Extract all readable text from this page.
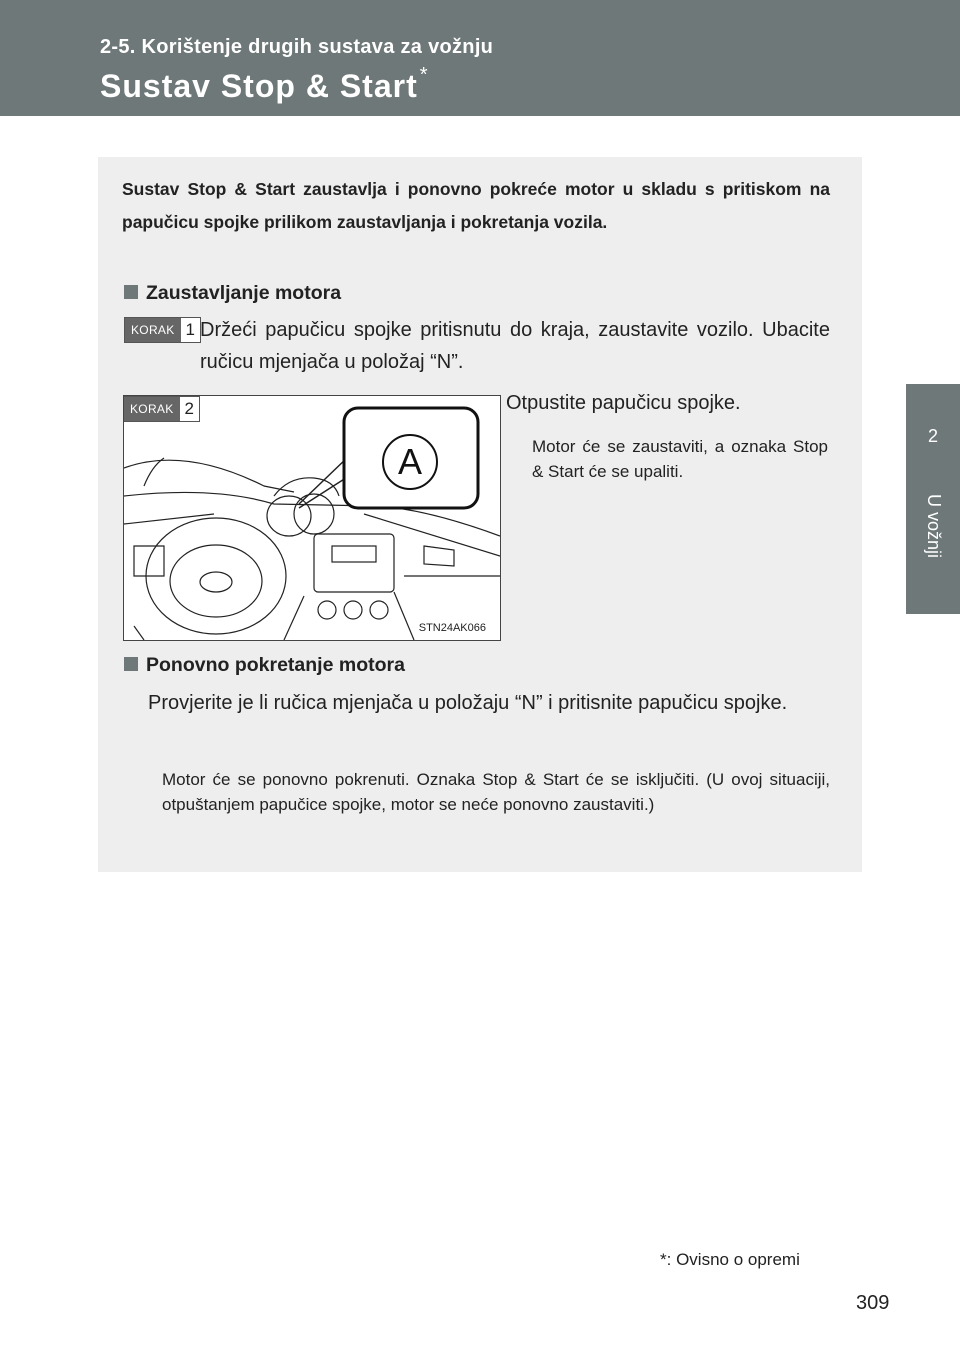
2-5. Korištenje drugih sustava za vožnju
Sustav Stop & Start *
2
U vožnji
Sustav Stop & Start zaustavlja i ponovno pokreće motor u skladu s pritiskom na papučicu spojke prilikom zaustavljanja i pokretanja vozila.
Zaustavljanje motora
KORAK 1 Držeći papučicu spojke pritisnutu do kraja, zaustavite vozilo. Ubacite ručicu mjenjača u položaj “N”.
Otpustite papučicu spojke.
Motor će se zaustaviti, a oznaka Stop & Start će se upaliti.
A
KORAK 2
STN24AK066
Ponovno pokretanje motora
Provjerite je li ručica mjenjača u položaju “N” i pritisnite papučicu spojke.
Motor će se ponovno pokrenuti. Oznaka Stop & Start će se isključiti. (U ovoj situaciji, otpuštanjem papučice spojke, motor se neće ponovno zaustaviti.)
*: Ovisno o opremi
309
